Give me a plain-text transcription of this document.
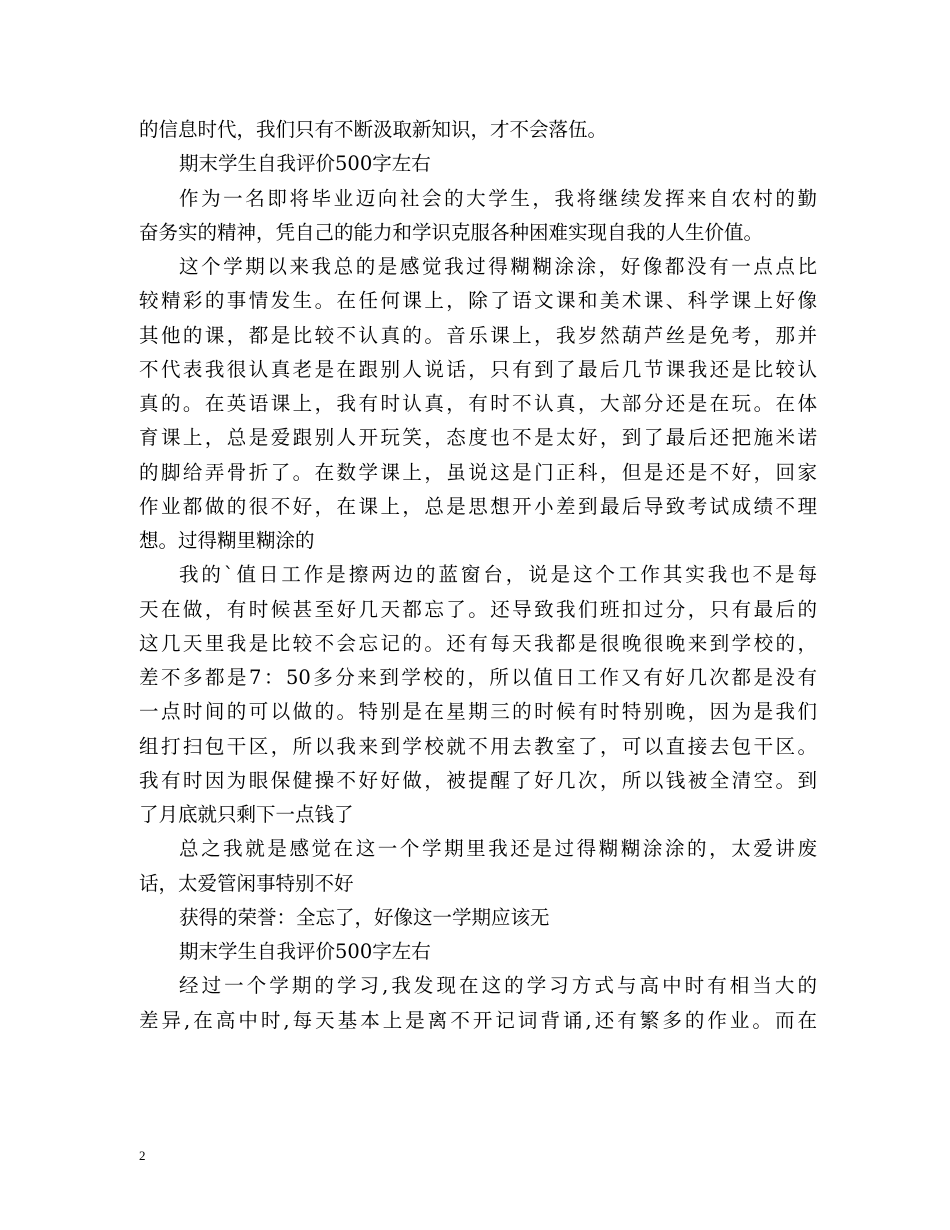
的信息时代，我们只有不断汲取新知识，才不会落伍。
期末学生自我评价500字左右
作为一名即将毕业迈向社会的大学生，我将继续发挥来自农村的勤
奋务实的精神，凭自己的能力和学识克服各种困难实现自我的人生价值。
这个学期以来我总的是感觉我过得糊糊涂涂，好像都没有一点点比
较精彩的事情发生。在任何课上，除了语文课和美术课、科学课上好像
其他的课，都是比较不认真的。音乐课上，我岁然葫芦丝是免考，那并
不代表我很认真老是在跟别人说话，只有到了最后几节课我还是比较认
真的。在英语课上，我有时认真，有时不认真，大部分还是在玩。在体
育课上，总是爱跟别人开玩笑，态度也不是太好，到了最后还把施米诺
的脚给弄骨折了。在数学课上，虽说这是门正科，但是还是不好，回家
作业都做的很不好，在课上，总是思想开小差到最后导致考试成绩不理
想。过得糊里糊涂的
我的`值日工作是擦两边的蓝窗台，说是这个工作其实我也不是每
天在做，有时候甚至好几天都忘了。还导致我们班扣过分，只有最后的
这几天里我是比较不会忘记的。还有每天我都是很晚很晚来到学校的，
差不多都是7：50多分来到学校的，所以值日工作又有好几次都是没有
一点时间的可以做的。特别是在星期三的时候有时特别晚，因为是我们
组打扫包干区，所以我来到学校就不用去教室了，可以直接去包干区。
我有时因为眼保健操不好好做，被提醒了好几次，所以钱被全清空。到
了月底就只剩下一点钱了
总之我就是感觉在这一个学期里我还是过得糊糊涂涂的，太爱讲废
话，太爱管闲事特别不好
获得的荣誉：全忘了，好像这一学期应该无
期末学生自我评价500字左右
经过一个学期的学习,我发现在这的学习方式与高中时有相当大的
差异,在高中时,每天基本上是离不开记词背诵,还有繁多的作业。而在
2
